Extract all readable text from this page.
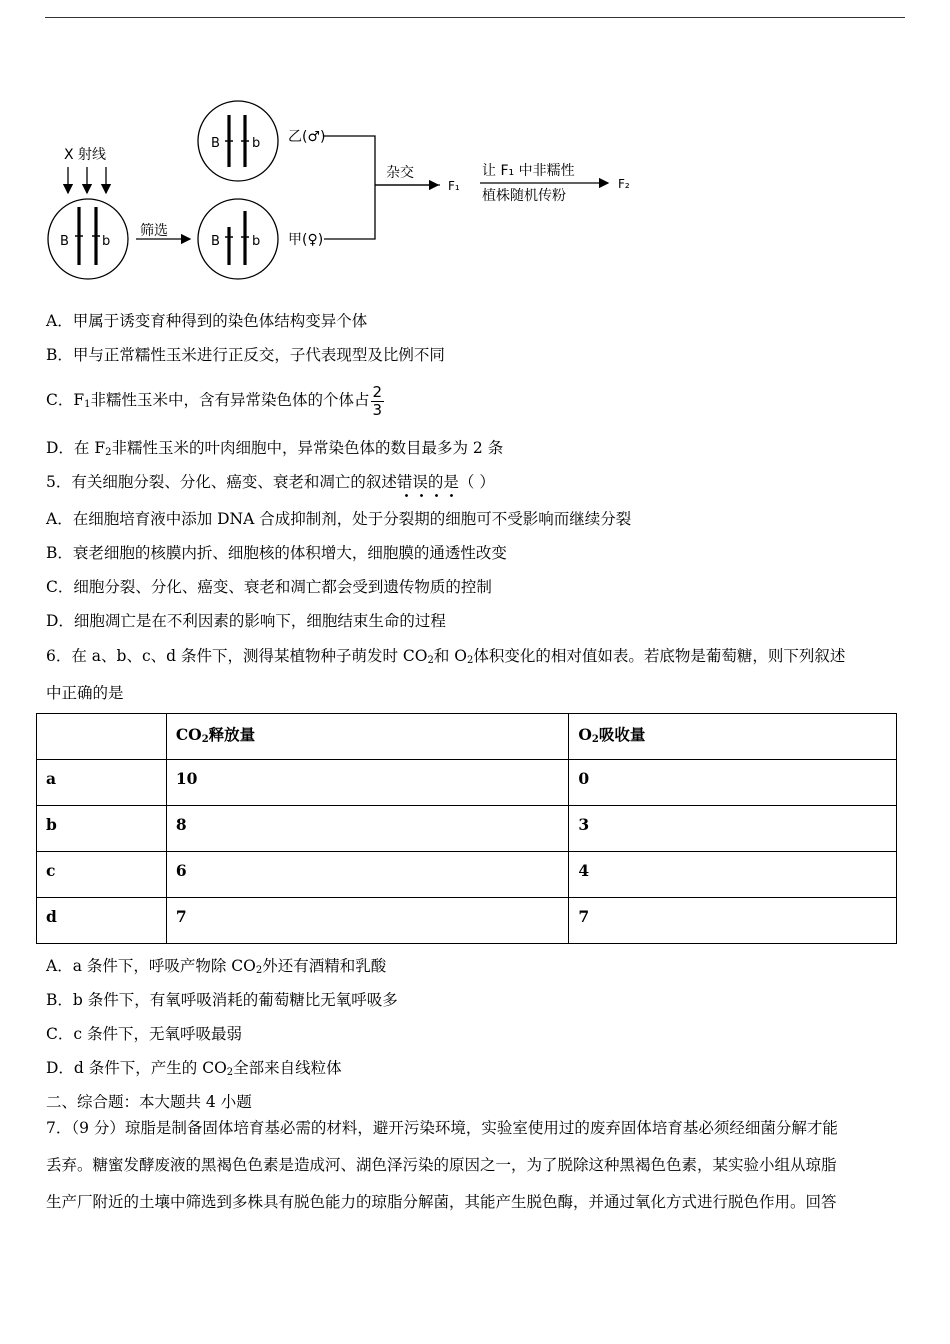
X 射线
B	b
筛选
B b 乙(♂)
B b 甲(♀)
杂交
F₁
让 F₁ 中非糯性
植株随机传粉
F₂
A．甲属于诱变育种得到的染色体结构变异个体
B．甲与正常糯性玉米进行正反交，子代表现型及比例不同
C．$F_1$非糯性玉米中，含有异常染色体的个体占 $\frac{2}{3}$
D．在 $F_2$非糯性玉米的叶肉细胞中，异常染色体的数目最多为 2 条
5．有关细胞分裂、分化、癌变、衰老和凋亡的叙述错误的是（ ）
A．在细胞培育液中添加 DNA 合成抑制剂，处于分裂期的细胞可不受影响而继续分裂
B．衰老细胞的核膜内折、细胞核的体积增大，细胞膜的通透性改变
C．细胞分裂、分化、癌变、衰老和凋亡都会受到遗传物质的控制
D．细胞凋亡是在不利因素的影响下，细胞结束生命的过程
6．在 a、b、c、d 条件下，测得某植物种子萌发时 $CO_2$和 $O_2$体积变化的相对值如表。若底物是葡萄糖，则下列叙述
中正确的是
	$CO_2$释放量	$O_2$吸收量
a	10	0
b	8	3
c	6	4
d	7	7
A．a 条件下，呼吸产物除 $CO_2$外还有酒精和乳酸
B．b 条件下，有氧呼吸消耗的葡萄糖比无氧呼吸多
C．c 条件下，无氧呼吸最弱
D．d 条件下，产生的 $CO_2$全部来自线粒体
二、综合题：本大题共 4 小题
7．（9 分）琼脂是制备固体培育基必需的材料，避开污染环境，实验室使用过的废弃固体培育基必须经细菌分解才能
丢弃。糖蜜发酵废液的黑褐色色素是造成河、湖色泽污染的原因之一，为了脱除这种黑褐色色素，某实验小组从琼脂
生产厂附近的土壤中筛选到多株具有脱色能力的琼脂分解菌，其能产生脱色酶，并通过氧化方式进行脱色作用。回答
